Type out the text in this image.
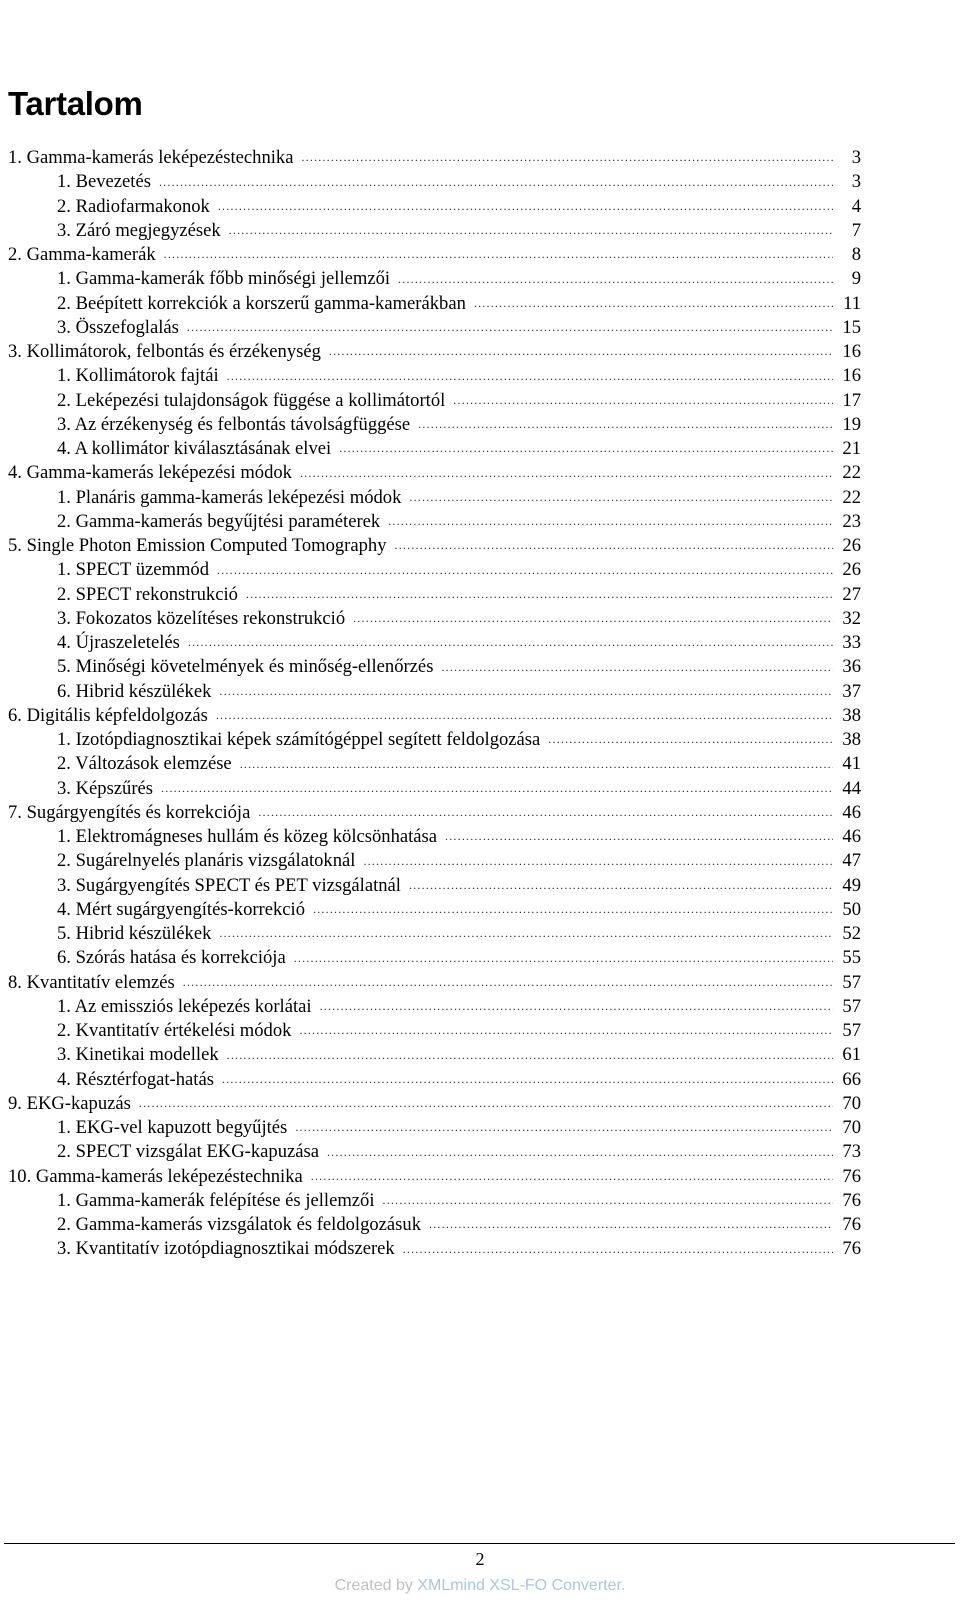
Tartalom
1. Gamma-kamerás leképezéstechnika .....	3
1. Bevezetés .....	3
2. Radiofarmakonok .....	4
3. Záró megjegyzések .....	7
2. Gamma-kamerák .....	8
1. Gamma-kamerák főbb minőségi jellemzői .....	9
2. Beépített korrekciók a korszerű gamma-kamerákban .....	11
3. Összefoglalás .....	15
3. Kollimátorok, felbontás és érzékenység .....	16
1. Kollimátorok fajtái .....	16
2. Leképezési tulajdonságok függése a kollimátortól .....	17
3. Az érzékenység és felbontás távolságfüggése .....	19
4. A kollimátor kiválasztásának elvei .....	21
4. Gamma-kamerás leképezési módok .....	22
1. Planáris gamma-kamerás leképezési módok .....	22
2. Gamma-kamerás begyűjtési paraméterek .....	23
5. Single Photon Emission Computed Tomography .....	26
1. SPECT üzemmód .....	26
2. SPECT rekonstrukció .....	27
3. Fokozatos közelítéses rekonstrukció .....	32
4. Újraszeletelés .....	33
5. Minőségi követelmények és minőség-ellenőrzés .....	36
6. Hibrid készülékek .....	37
6. Digitális képfeldolgozás .....	38
1. Izotópdiagnosztikai képek számítógéppel segített feldolgozása .....	38
2. Változások elemzése .....	41
3. Képszűrés .....	44
7. Sugárgyengítés és korrekciója .....	46
1. Elektromágneses hullám és közeg kölcsönhatása .....	46
2. Sugárelnyelés planáris vizsgálatoknál .....	47
3. Sugárgyengítés SPECT és PET vizsgálatnál .....	49
4. Mért sugárgyengítés-korrekció .....	50
5. Hibrid készülékek .....	52
6. Szórás hatása és korrekciója .....	55
8. Kvantitatív elemzés .....	57
1. Az emissziós leképezés korlátai .....	57
2. Kvantitatív értékelési módok .....	57
3. Kinetikai modellek .....	61
4. Résztérfogat-hatás .....	66
9. EKG-kapuzás .....	70
1. EKG-vel kapuzott begyűjtés .....	70
2. SPECT vizsgálat EKG-kapuzása .....	73
10. Gamma-kamerás leképezéstechnika .....	76
1. Gamma-kamerák felépítése és jellemzői .....	76
2. Gamma-kamerás vizsgálatok és feldolgozásuk .....	76
3. Kvantitatív izotópdiagnosztikai módszerek .....	76
2
Created by XMLmind XSL-FO Converter.
